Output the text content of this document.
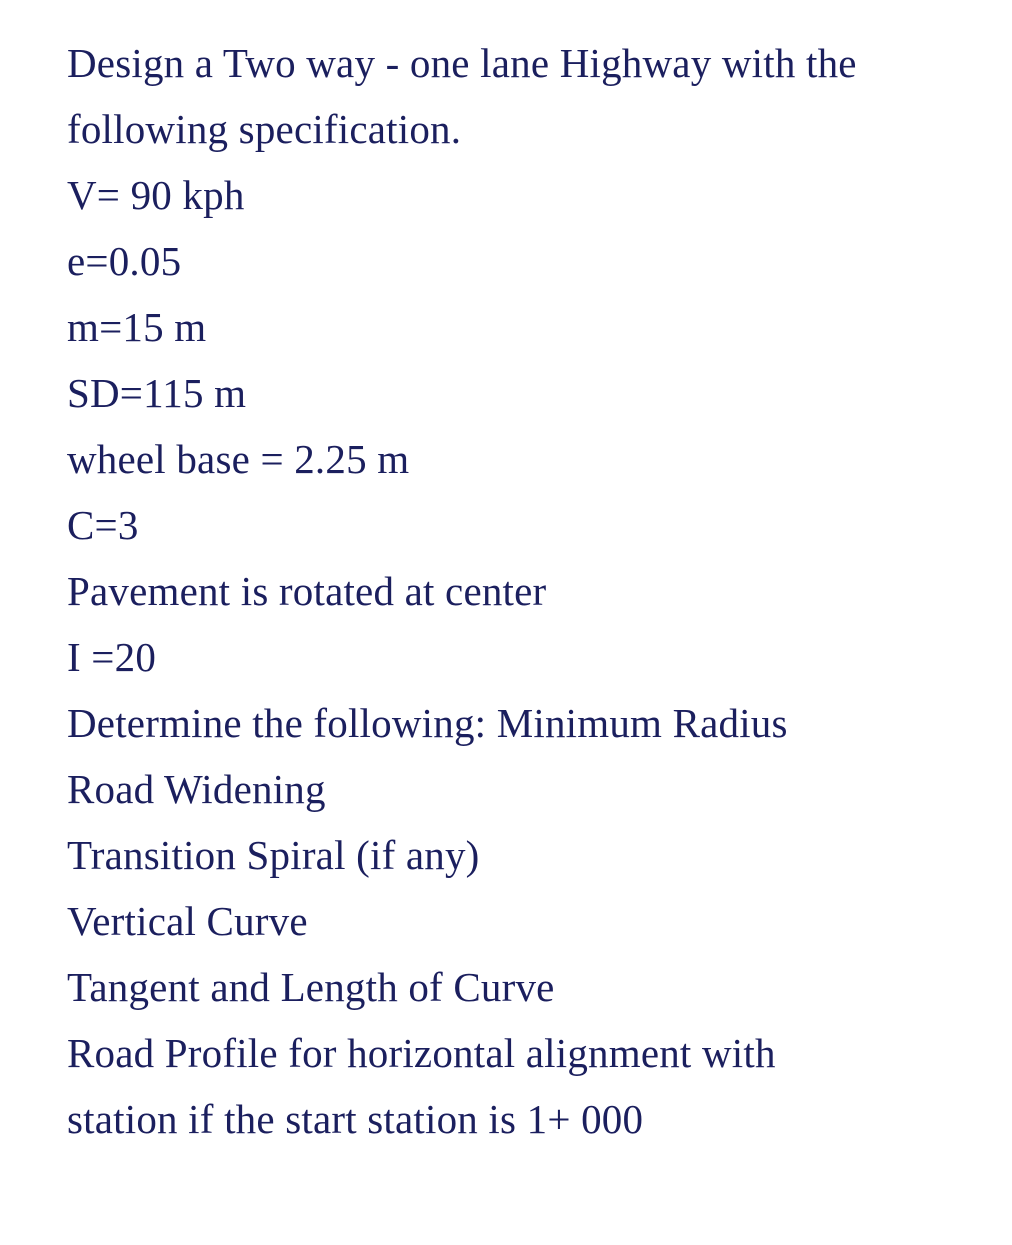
Design a Two way - one lane Highway with the
following specification.
V= 90 kph
e=0.05
m=15 m
SD=115 m
wheel base = 2.25 m
C=3
Pavement is rotated at center
I =20
Determine the following: Minimum Radius
Road Widening
Transition Spiral (if any)
Vertical Curve
Tangent and Length of Curve
Road Profile for horizontal alignment with
station if the start station is 1+ 000
